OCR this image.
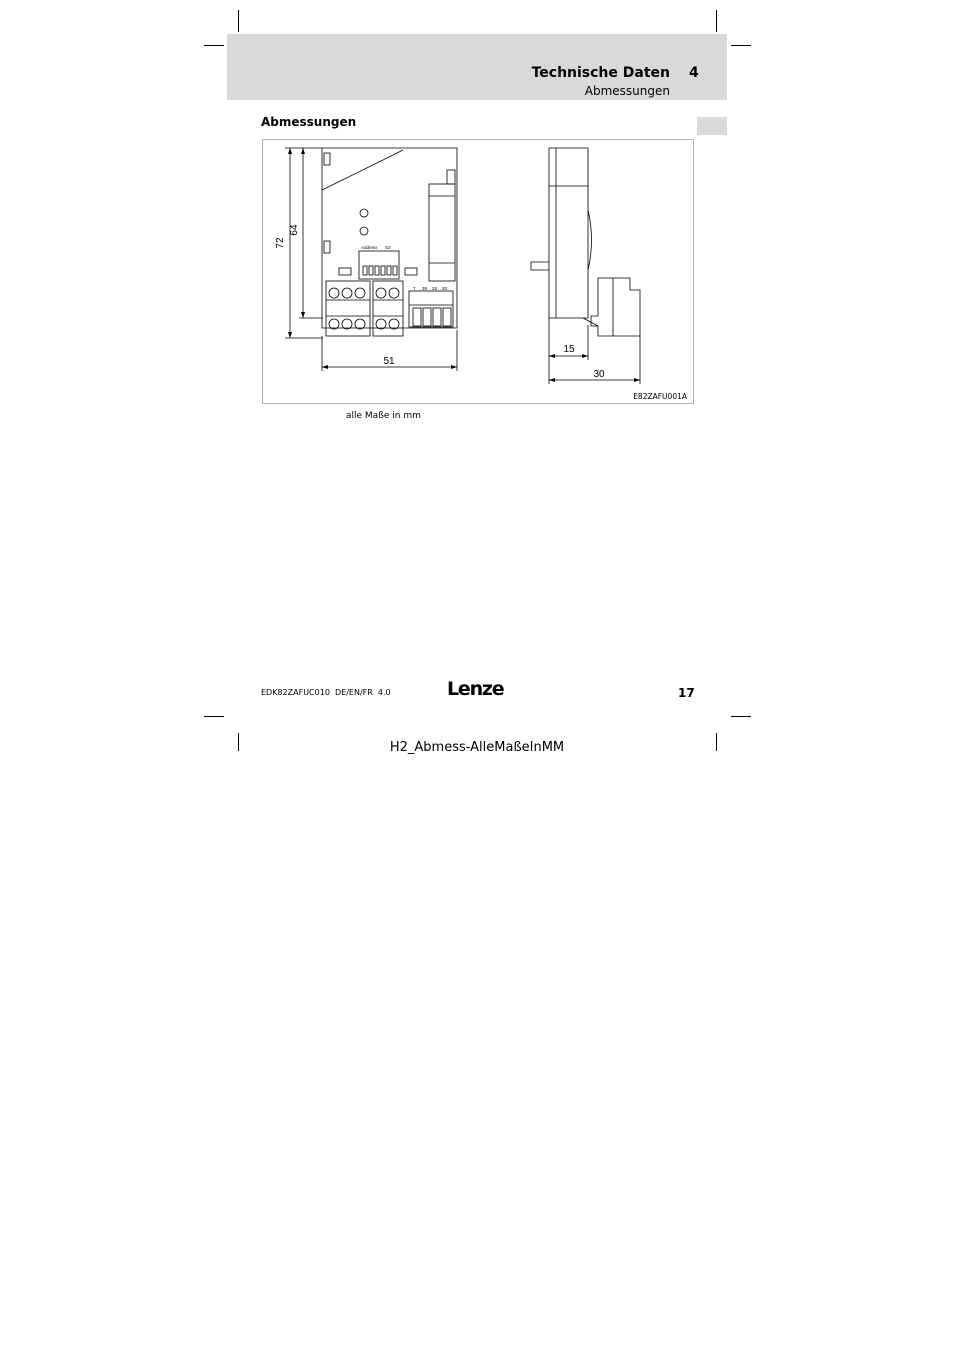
Technische Daten 4
Abmessungen
Abmessungen
72
64
51
15
30
Address S2
7 39 28 20
E82ZAFU001A
alle Maße in mm
EDK82ZAFUC010  DE/EN/FR  4.0	Lenze	17
H2_Abmess-AlleMaßeInMM
